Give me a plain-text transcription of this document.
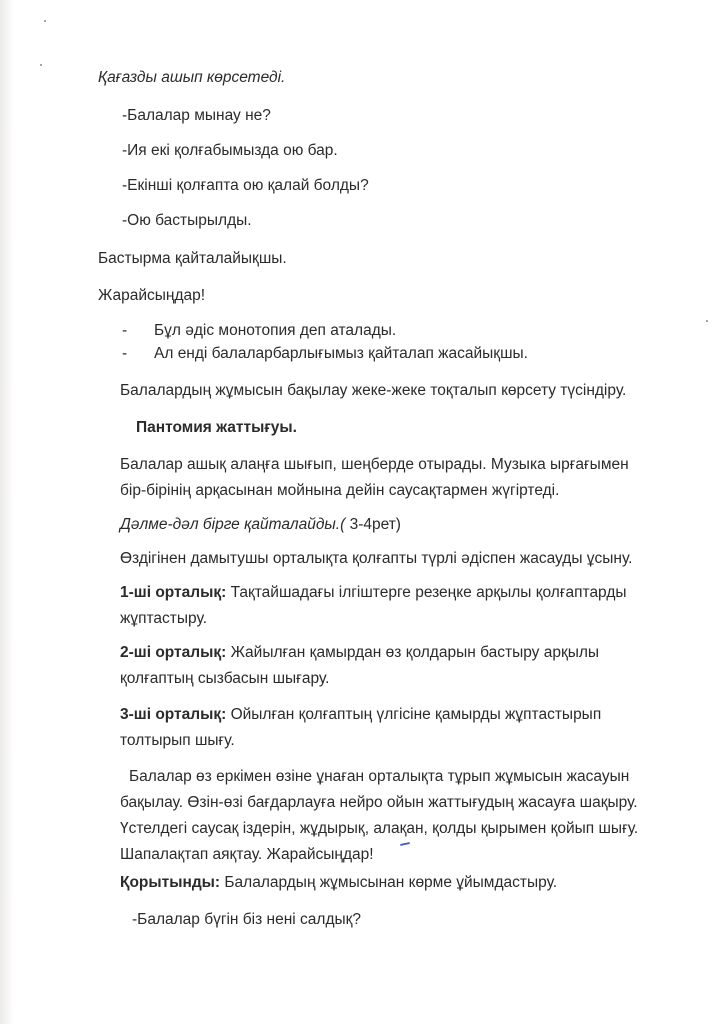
Қағазды ашып көрсетеді.
-Балалар мынау не?
-Ия екі қолғабымызда ою бар.
-Екінші қолғапта ою қалай болды?
-Ою бастырылды.
Бастырма қайталайықшы.
Жарайсыңдар!
- Бұл әдіс монотопия деп аталады.
- Ал енді балаларбарлығымыз қайталап жасайықшы.
Балалардың жұмысын бақылау жеке-жеке тоқталып көрсету түсіндіру.
Пантомия жаттығуы.
Балалар ашық алаңға шығып, шеңберде отырады. Музыка ырғағымен
бір-бірінің арқасынан мойнына дейін саусақтармен жүгіртеді.
Дәлме-дәл бірге қайталайды.( 3-4рет)
Өздігінен дамытушы орталықта қолғапты түрлі әдіспен жасауды ұсыну.
1-ші орталық: Тақтайшадағы ілгіштерге резеңке арқылы қолғаптарды
жұптастыру.
2-ші орталық: Жайылған қамырдан өз қолдарын бастыру арқылы
қолғаптың сызбасын шығару.
3-ші орталық: Ойылған қолғаптың үлгісіне қамырды жұптастырып
толтырып шығу.
Балалар өз еркімен өзіне ұнаған орталықта тұрып жұмысын жасауын
бақылау. Өзін-өзі бағдарлауға нейро ойын жаттығудың жасауға шақыру.
Үстелдегі саусақ іздерін, жұдырық, алақан, қолды қырымен қойып шығу.
Шапалақтап аяқтау. Жарайсыңдар!
Қорытынды: Балалардың жұмысынан көрме ұйымдастыру.
-Балалар бүгін біз нені салдық?
